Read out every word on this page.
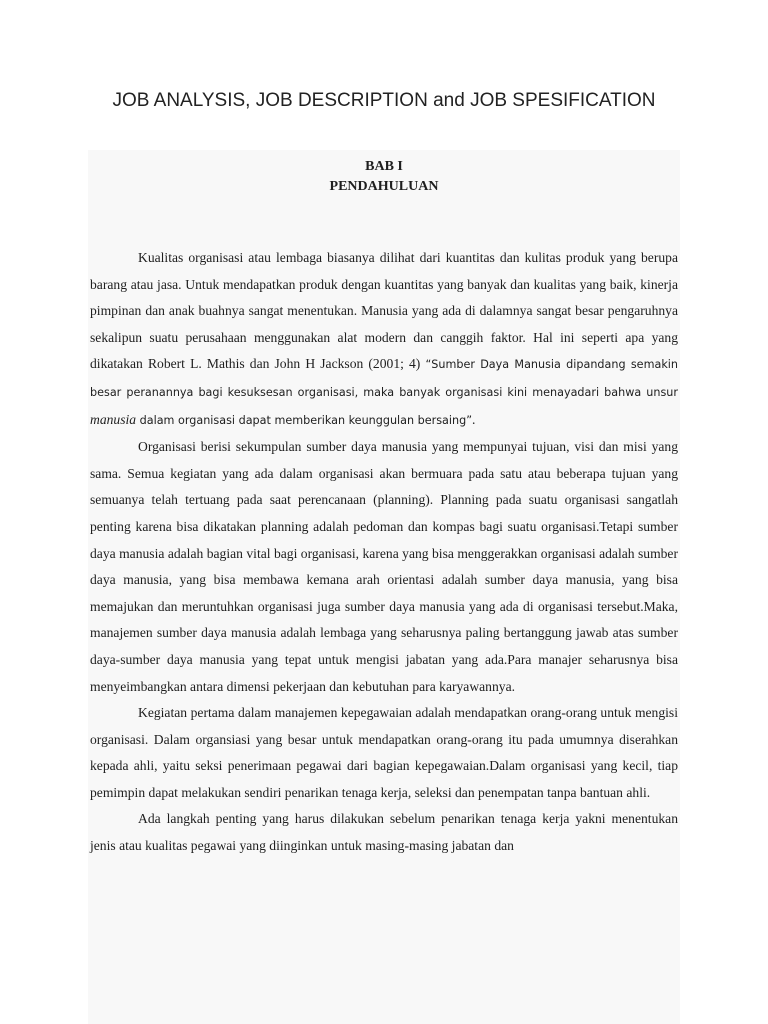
JOB ANALYSIS, JOB DESCRIPTION and JOB SPESIFICATION
BAB I
PENDAHULUAN

Kualitas organisasi atau lembaga biasanya dilihat dari kuantitas dan kulitas produk yang berupa barang atau jasa. Untuk mendapatkan produk dengan kuantitas yang banyak dan kualitas yang baik, kinerja pimpinan dan anak buahnya sangat menentukan. Manusia yang ada di dalamnya sangat besar pengaruhnya sekalipun suatu perusahaan menggunakan alat modern dan canggih faktor. Hal ini seperti apa yang dikatakan Robert L. Mathis dan John H Jackson (2001; 4) “Sumber Daya Manusia dipandang semakin besar peranannya bagi kesuksesan organisasi, maka banyak organisasi kini menayadari bahwa unsur manusia dalam organisasi dapat memberikan keunggulan bersaing”.

Organisasi berisi sekumpulan sumber daya manusia yang mempunyai tujuan, visi dan misi yang sama. Semua kegiatan yang ada dalam organisasi akan bermuara pada satu atau beberapa tujuan yang semuanya telah tertuang pada saat perencanaan (planning). Planning pada suatu organisasi sangatlah penting karena bisa dikatakan planning adalah pedoman dan kompas bagi suatu organisasi.Tetapi sumber daya manusia adalah bagian vital bagi organisasi, karena yang bisa menggerakkan organisasi adalah sumber daya manusia, yang bisa membawa kemana arah orientasi adalah sumber daya manusia, yang bisa memajukan dan meruntuhkan organisasi juga sumber daya manusia yang ada di organisasi tersebut.Maka, manajemen sumber daya manusia adalah lembaga yang seharusnya paling bertanggung jawab atas sumber daya-sumber daya manusia yang tepat untuk mengisi jabatan yang ada.Para manajer seharusnya bisa menyeimbangkan antara dimensi pekerjaan dan kebutuhan para karyawannya.

Kegiatan pertama dalam manajemen kepegawaian adalah mendapatkan orang-orang untuk mengisi organisasi. Dalam organsiasi yang besar untuk mendapatkan orang-orang itu pada umumnya diserahkan kepada ahli, yaitu seksi penerimaan pegawai dari bagian kepegawaian.Dalam organisasi yang kecil, tiap pemimpin dapat melakukan sendiri penarikan tenaga kerja, seleksi dan penempatan tanpa bantuan ahli.

Ada langkah penting yang harus dilakukan sebelum penarikan tenaga kerja yakni menentukan jenis atau kualitas pegawai yang diinginkan untuk masing-masing jabatan dan
